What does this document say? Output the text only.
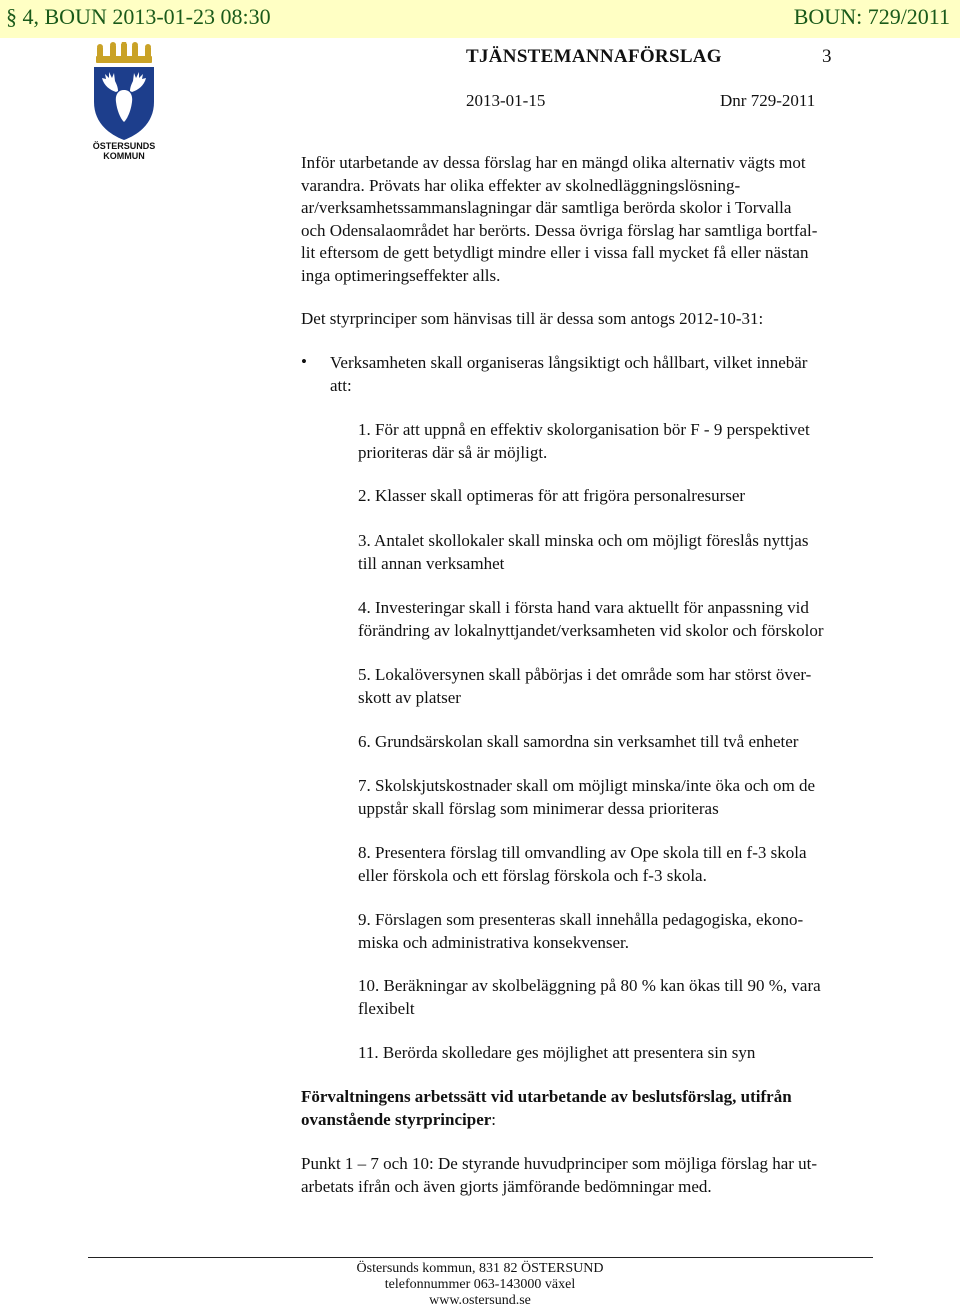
§ 4, BOUN 2013-01-23 08:30	BOUN: 729/2011
ÖSTERSUNDS
KOMMUN
TJÄNSTEMANNAFÖRSLAG	3
2013-01-15	Dnr 729-2011
Inför utarbetande av dessa förslag har en mängd olika alternativ vägts mot
varandra. Prövats har olika effekter av skolnedläggningslösning-
ar/verksamhetssammanslagningar där samtliga berörda skolor i Torvalla
och Odensalaområdet har berörts. Dessa övriga förslag har samtliga bortfal-
lit eftersom de gett betydligt mindre eller i vissa fall mycket få eller nästan
inga optimeringseffekter alls.
Det styrprinciper som hänvisas till är dessa som antogs 2012-10-31:
• Verksamheten skall organiseras långsiktigt och hållbart, vilket innebär
att:
1. För att uppnå en effektiv skolorganisation bör F - 9 perspektivet
prioriteras där så är möjligt.
2. Klasser skall optimeras för att frigöra personalresurser
3. Antalet skollokaler skall minska och om möjligt föreslås nyttjas
till annan verksamhet
4. Investeringar skall i första hand vara aktuellt för anpassning vid
förändring av lokalnyttjandet/verksamheten vid skolor och förskolor
5. Lokalöversynen skall påbörjas i det område som har störst över-
skott av platser
6. Grundsärskolan skall samordna sin verksamhet till två enheter
7. Skolskjutskostnader skall om möjligt minska/inte öka och om de
uppstår skall förslag som minimerar dessa prioriteras
8. Presentera förslag till omvandling av Ope skola till en f-3 skola
eller förskola och ett förslag förskola och f-3 skola.
9. Förslagen som presenteras skall innehålla pedagogiska, ekono-
miska och administrativa konsekvenser.
10. Beräkningar av skolbeläggning på 80 % kan ökas till 90 %, vara
flexibelt
11. Berörda skolledare ges möjlighet att presentera sin syn
Förvaltningens arbetssätt vid utarbetande av beslutsförslag, utifrån
ovanstående styrprinciper:
Punkt 1 – 7 och 10: De styrande huvudprinciper som möjliga förslag har ut-
arbetats ifrån och även gjorts jämförande bedömningar med.
Östersunds kommun, 831 82 ÖSTERSUND
telefonnummer 063-143000 växel
www.ostersund.se
